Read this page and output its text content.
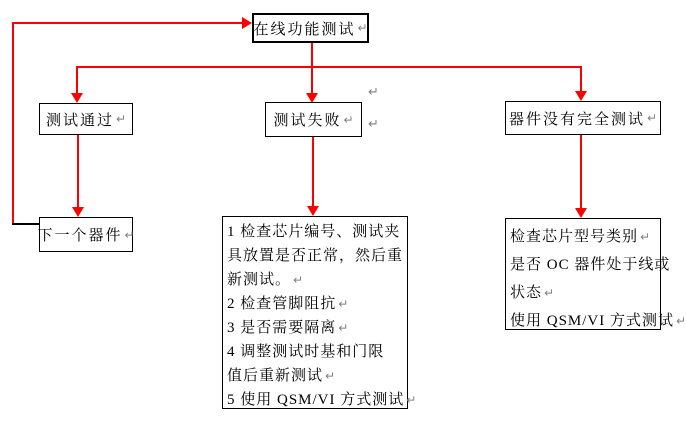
在线功能测试 ↵
测试通过 ↵	测试失败 ↵	器件没有完全测试 ↵
下一个器件 ↵	1 检查芯片编号、测试夹
具放置是否正常，然后重
新测试。 ↵
2 检查管脚阻抗 ↵
3 是否需要隔离 ↵
4 调整测试时基和门限
值后重新测试 ↵
5 使用 QSM/VI 方式测试 ↵
检查芯片型号类别 ↵
是否 OC 器件处于线或
状态 ↵
使用 QSM/VI 方式测试 ↵
↵
↵
